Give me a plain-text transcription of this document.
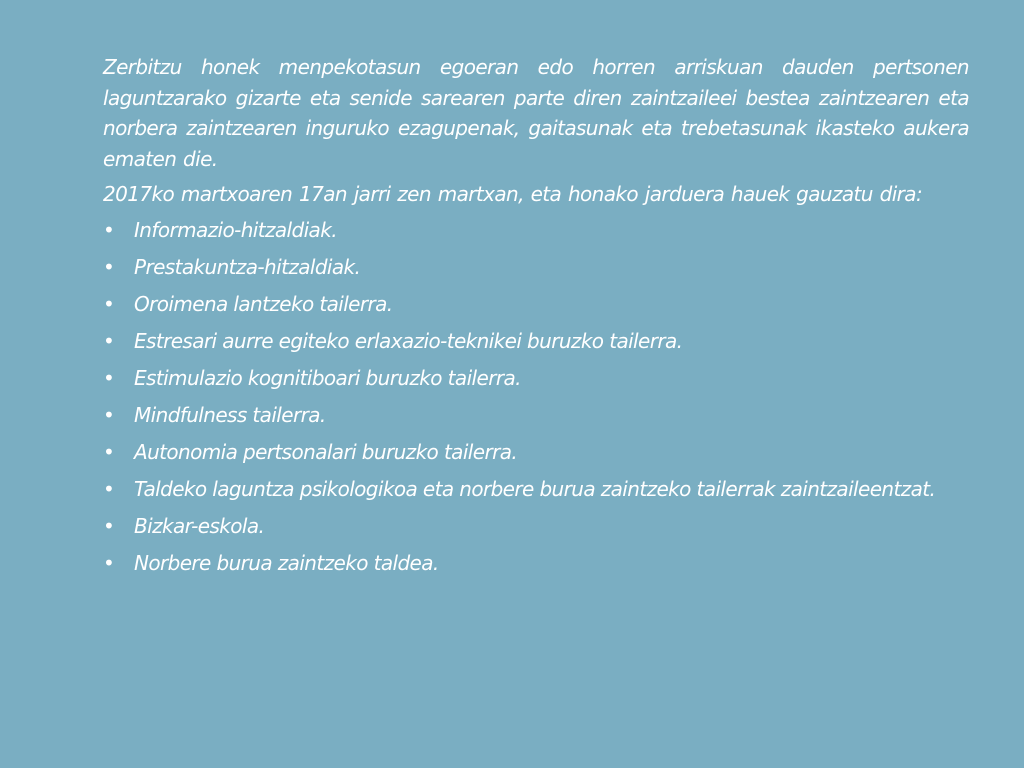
Zerbitzu honek menpekotasun egoeran edo horren arriskuan dauden pertsonen laguntzarako gizarte eta senide sarearen parte diren zaintzaileei bestea zaintzearen eta norbera zaintzearen inguruko ezagupenak, gaitasunak eta trebetasunak ikasteko aukera ematen die.

2017ko martxoaren 17an jarri zen martxan, eta honako jarduera hauek gauzatu dira:

• Informazio-hitzaldiak.
• Prestakuntza-hitzaldiak.
• Oroimena lantzeko tailerra.
• Estresari aurre egiteko erlaxazio-teknikei buruzko tailerra.
• Estimulazio kognitiboari buruzko tailerra.
• Mindfulness tailerra.
• Autonomia pertsonalari buruzko tailerra.
• Taldeko laguntza psikologikoa eta norbere burua zaintzeko tailerrak zaintzaileentzat.
• Bizkar-eskola.
• Norbere burua zaintzeko taldea.
